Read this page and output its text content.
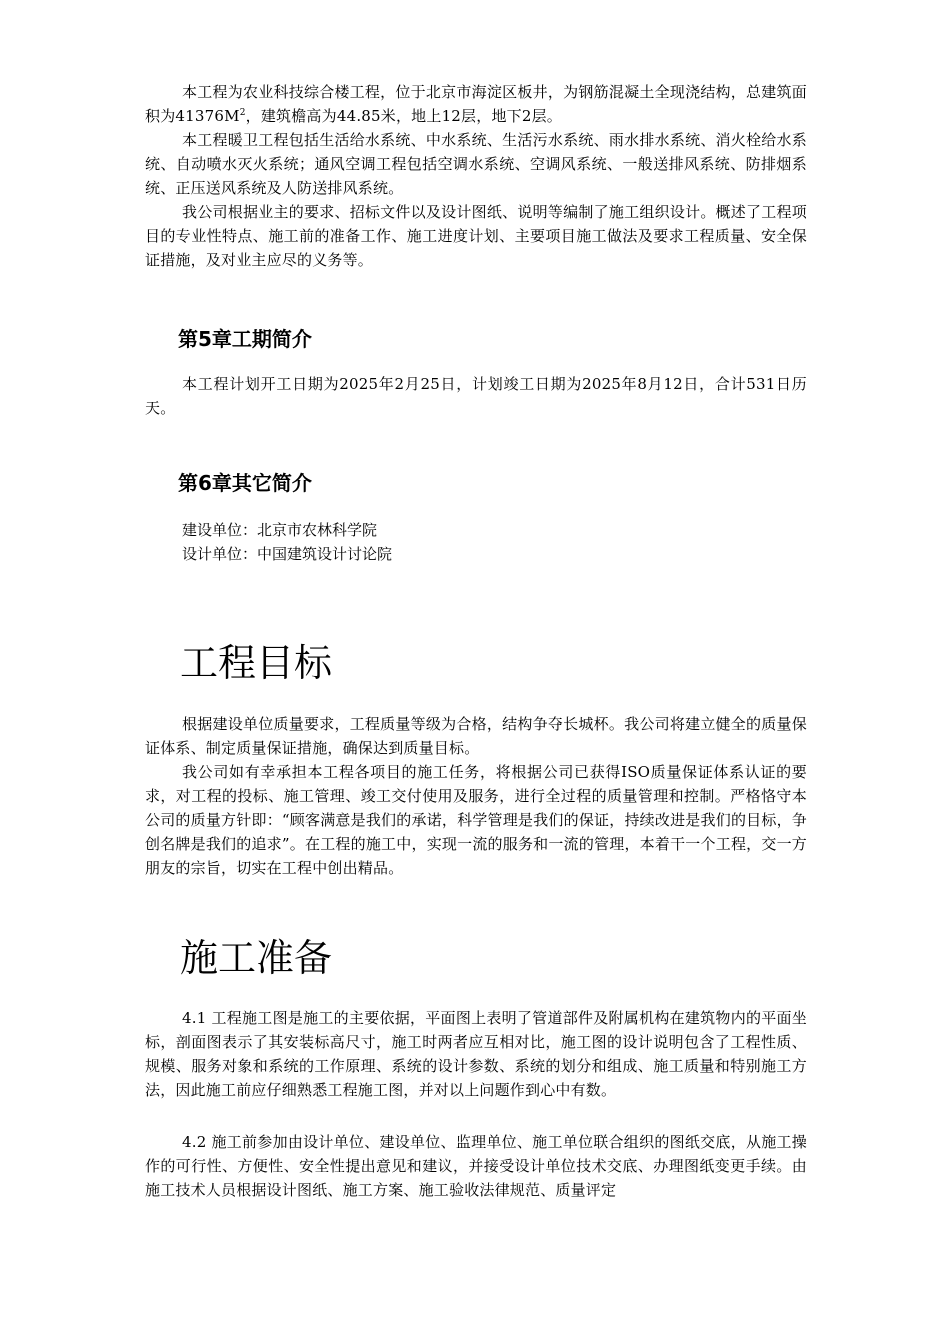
本工程为农业科技综合楼工程，位于北京市海淀区板井，为钢筋混凝土全现浇结构，总建筑面积为$41376M^2$，建筑檐高为44.85米，地上12层，地下2层。

本工程暖卫工程包括生活给水系统、中水系统、生活污水系统、雨水排水系统、消火栓给水系统、自动喷水灭火系统；通风空调工程包括空调水系统、空调风系统、一般送排风系统、防排烟系统、正压送风系统及人防送排风系统。

我公司根据业主的要求、招标文件以及设计图纸、说明等编制了施工组织设计。概述了工程项目的专业性特点、施工前的准备工作、施工进度计划、主要项目施工做法及要求工程质量、安全保证措施，及对业主应尽的义务等。

第5章工期简介

本工程计划开工日期为2025年2月25日，计划竣工日期为2025年8月12日，合计531日历天。

第6章其它简介

建设单位：北京市农林科学院

设计单位：中国建筑设计讨论院

工程目标

根据建设单位质量要求，工程质量等级为合格，结构争夺长城杯。我公司将建立健全的质量保证体系、制定质量保证措施，确保达到质量目标。

我公司如有幸承担本工程各项目的施工任务，将根据公司已获得ISO质量保证体系认证的要求，对工程的投标、施工管理、竣工交付使用及服务，进行全过程的质量管理和控制。严格恪守本公司的质量方针即：“顾客满意是我们的承诺，科学管理是我们的保证，持续改进是我们的目标，争创名牌是我们的追求”。在工程的施工中，实现一流的服务和一流的管理，本着干一个工程，交一方朋友的宗旨，切实在工程中创出精品。

施工准备

4.1 工程施工图是施工的主要依据，平面图上表明了管道部件及附属机构在建筑物内的平面坐标，剖面图表示了其安装标高尺寸，施工时两者应互相对比，施工图的设计说明包含了工程性质、规模、服务对象和系统的工作原理、系统的设计参数、系统的划分和组成、施工质量和特别施工方法，因此施工前应仔细熟悉工程施工图，并对以上问题作到心中有数。

4.2 施工前参加由设计单位、建设单位、监理单位、施工单位联合组织的图纸交底，从施工操作的可行性、方便性、安全性提出意见和建议，并接受设计单位技术交底、办理图纸变更手续。由施工技术人员根据设计图纸、施工方案、施工验收法律规范、质量评定
